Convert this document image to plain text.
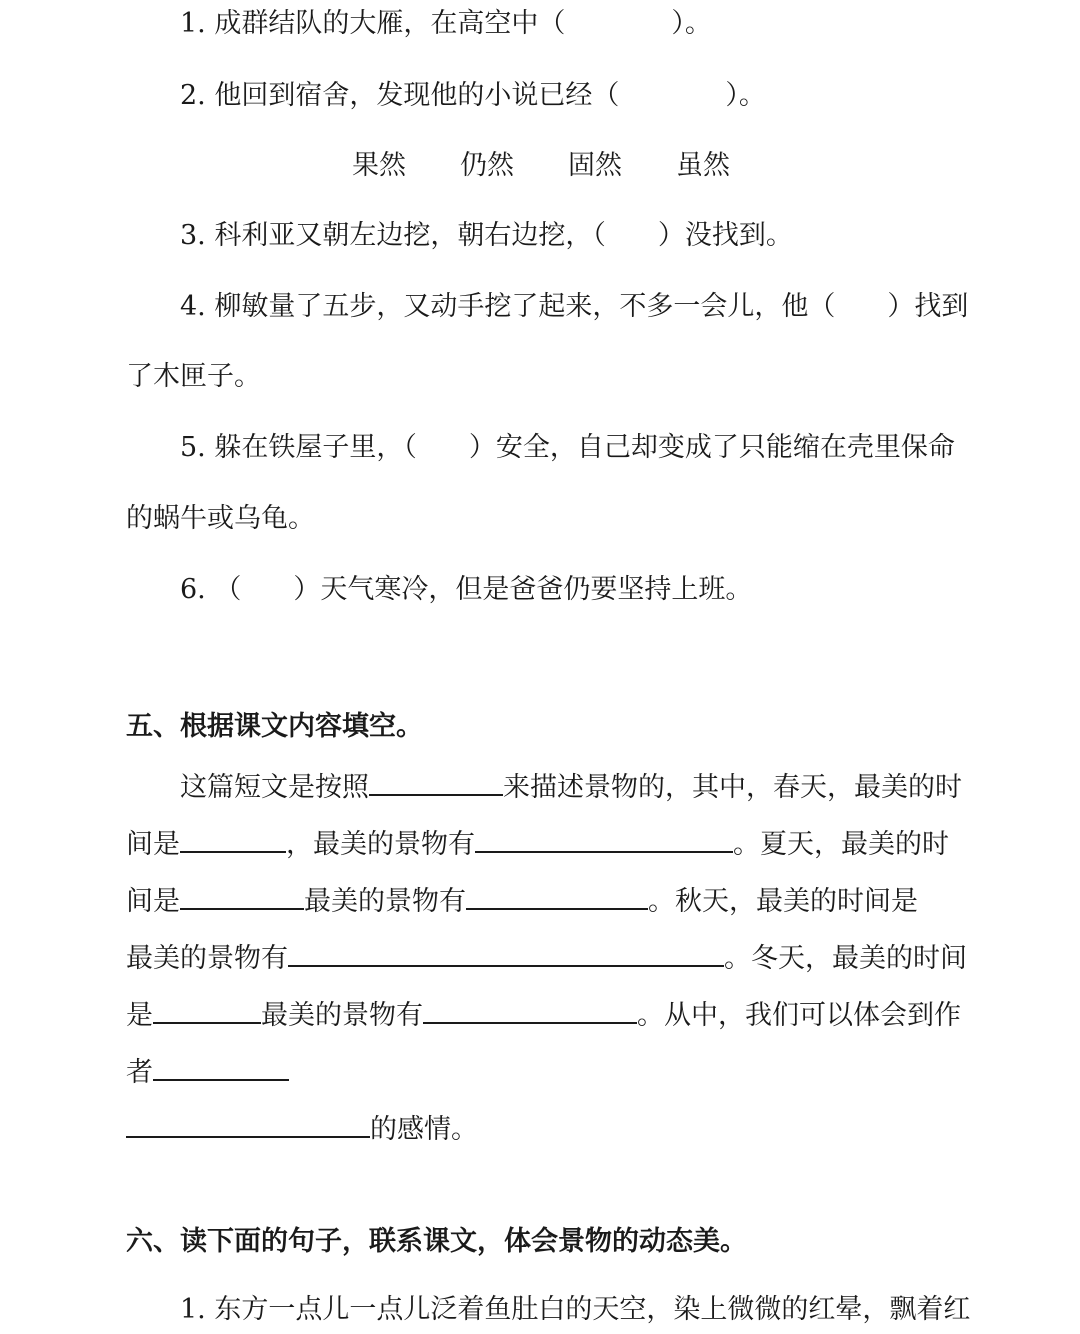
1. 成群结队的大雁，在高空中（	）。
2. 他回到宿舍，发现他的小说已经（	）。
果然 仍然 固然 虽然
3. 科利亚又朝左边挖，朝右边挖，（ ）没找到。
4. 柳敏量了五步，又动手挖了起来，不多一会儿，他（ ）找到
了木匣子。
5. 躲在铁屋子里，（ ）安全，自己却变成了只能缩在壳里保命
的蜗牛或乌龟。
6. （ ）天气寒冷，但是爸爸仍要坚持上班。
五、根据课文内容填空。
这篇短文是按照	来描述景物的，其中，春天，最美的时
间是	，最美的景物有	。夏天，最美的时
间是	最美的景物有	。秋天，最美的时间是
最美的景物有	。冬天，最美的时间
是	最美的景物有	。从中，我们可以体会到作
者
的感情。
六、读下面的句子，联系课文，体会景物的动态美。
1. 东方一点儿一点儿泛着鱼肚白的天空，染上微微的红晕，飘着红
